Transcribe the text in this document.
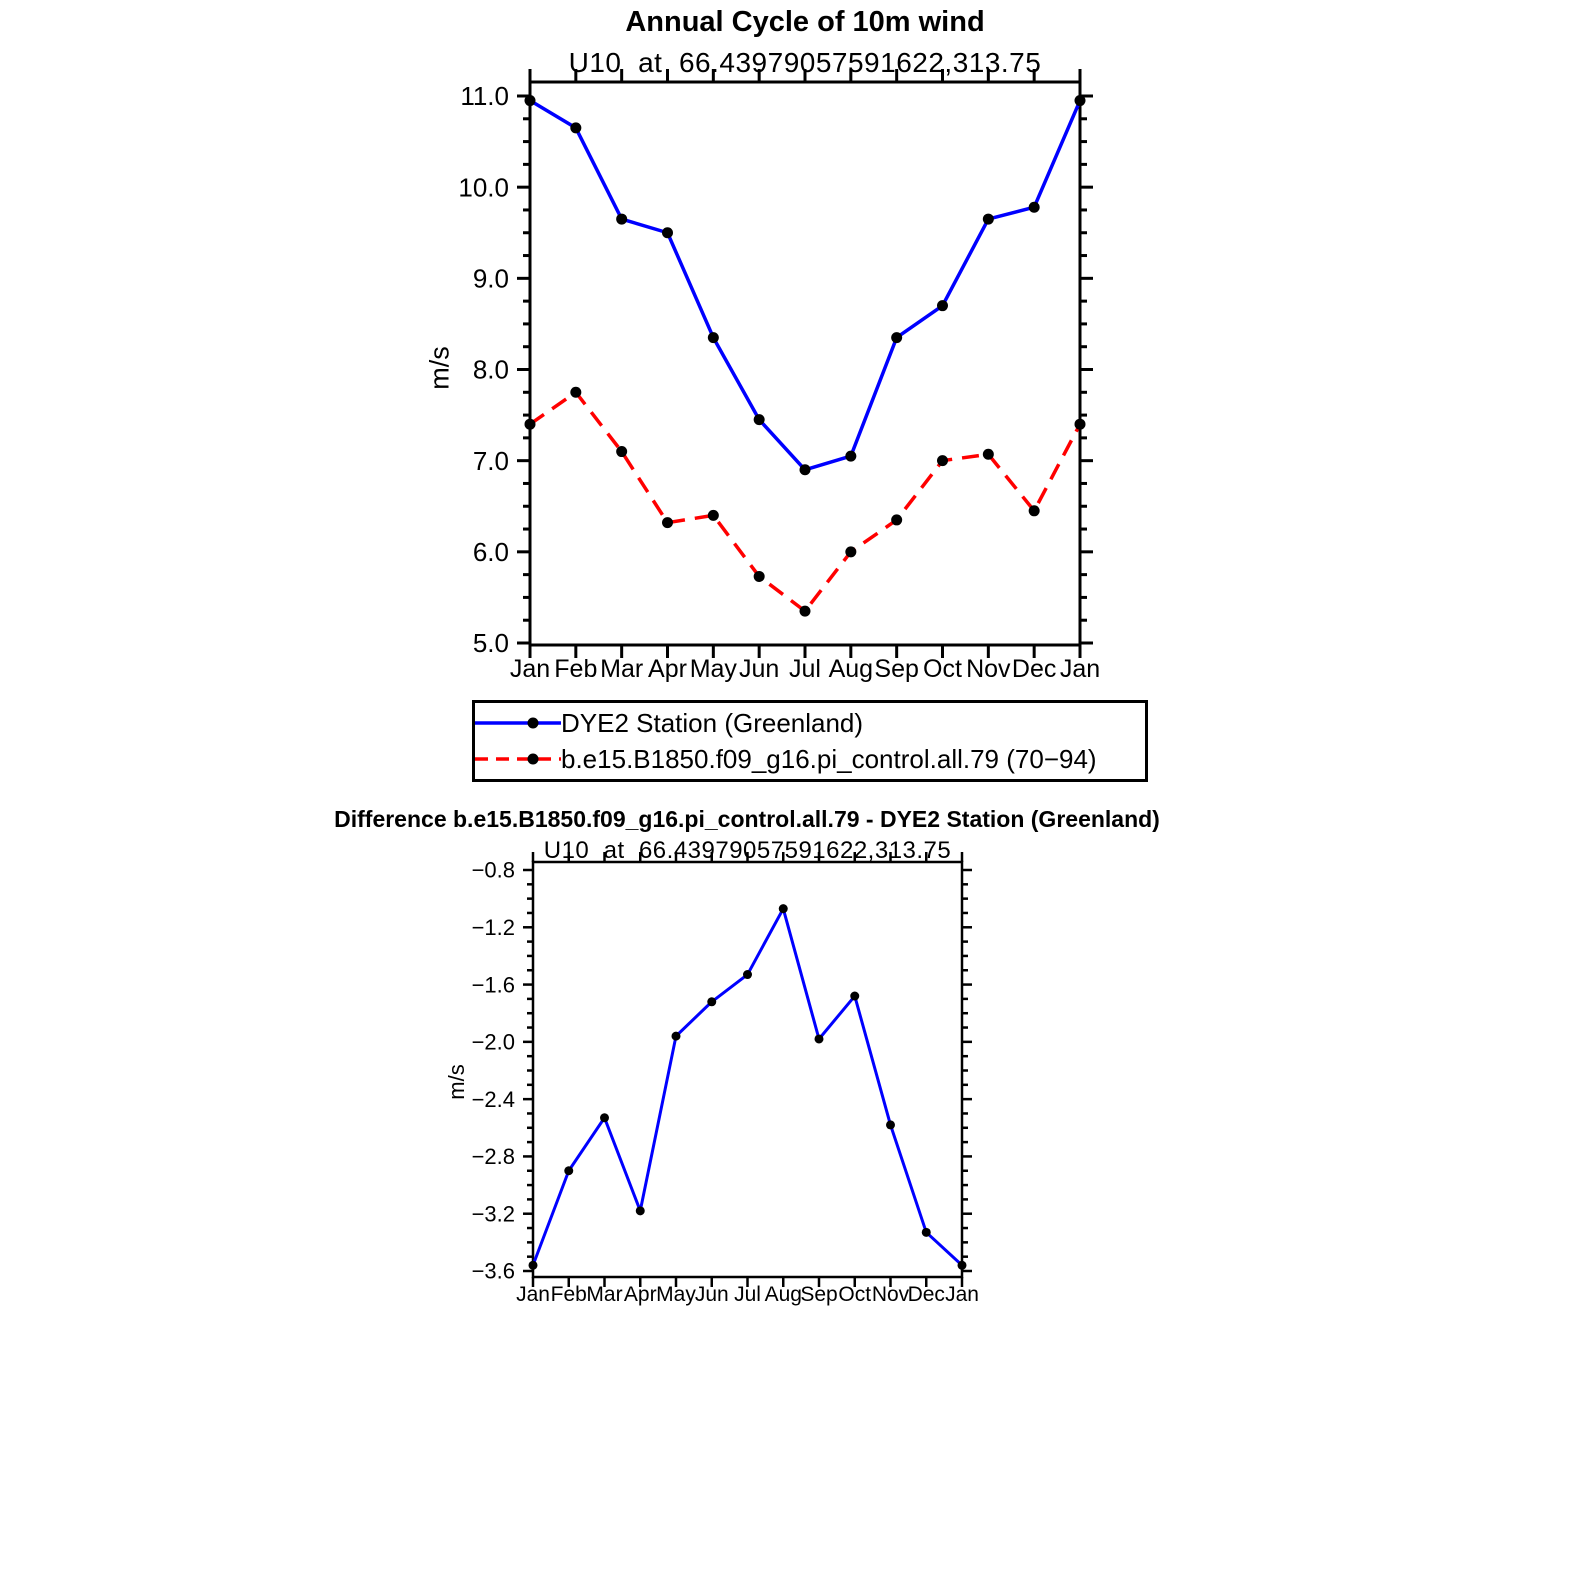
Annual Cycle of 10m wind
U10  at  66.43979057591622,313.75
m/s
Difference b.e15.B1850.f09_g16.pi_control.all.79 - DYE2 Station (Greenland)
U10  at  66.43979057591622,313.75
m/s
5.0
6.0
7.0
8.0
9.0
10.0
11.0
Jan Feb Mar Apr May Jun Jul Aug Sep Oct Nov Dec Jan
−0.8
−1.2
−1.6
−2.0
−2.4
−2.8
−3.2
−3.6
Jan Feb Mar Apr May
Jun Jul Aug
Sep Oct Nov
Dec Jan
DYE2 Station (Greenland)
b.e15.B1850.f09_g16.pi_control.all.79 (70−94)
